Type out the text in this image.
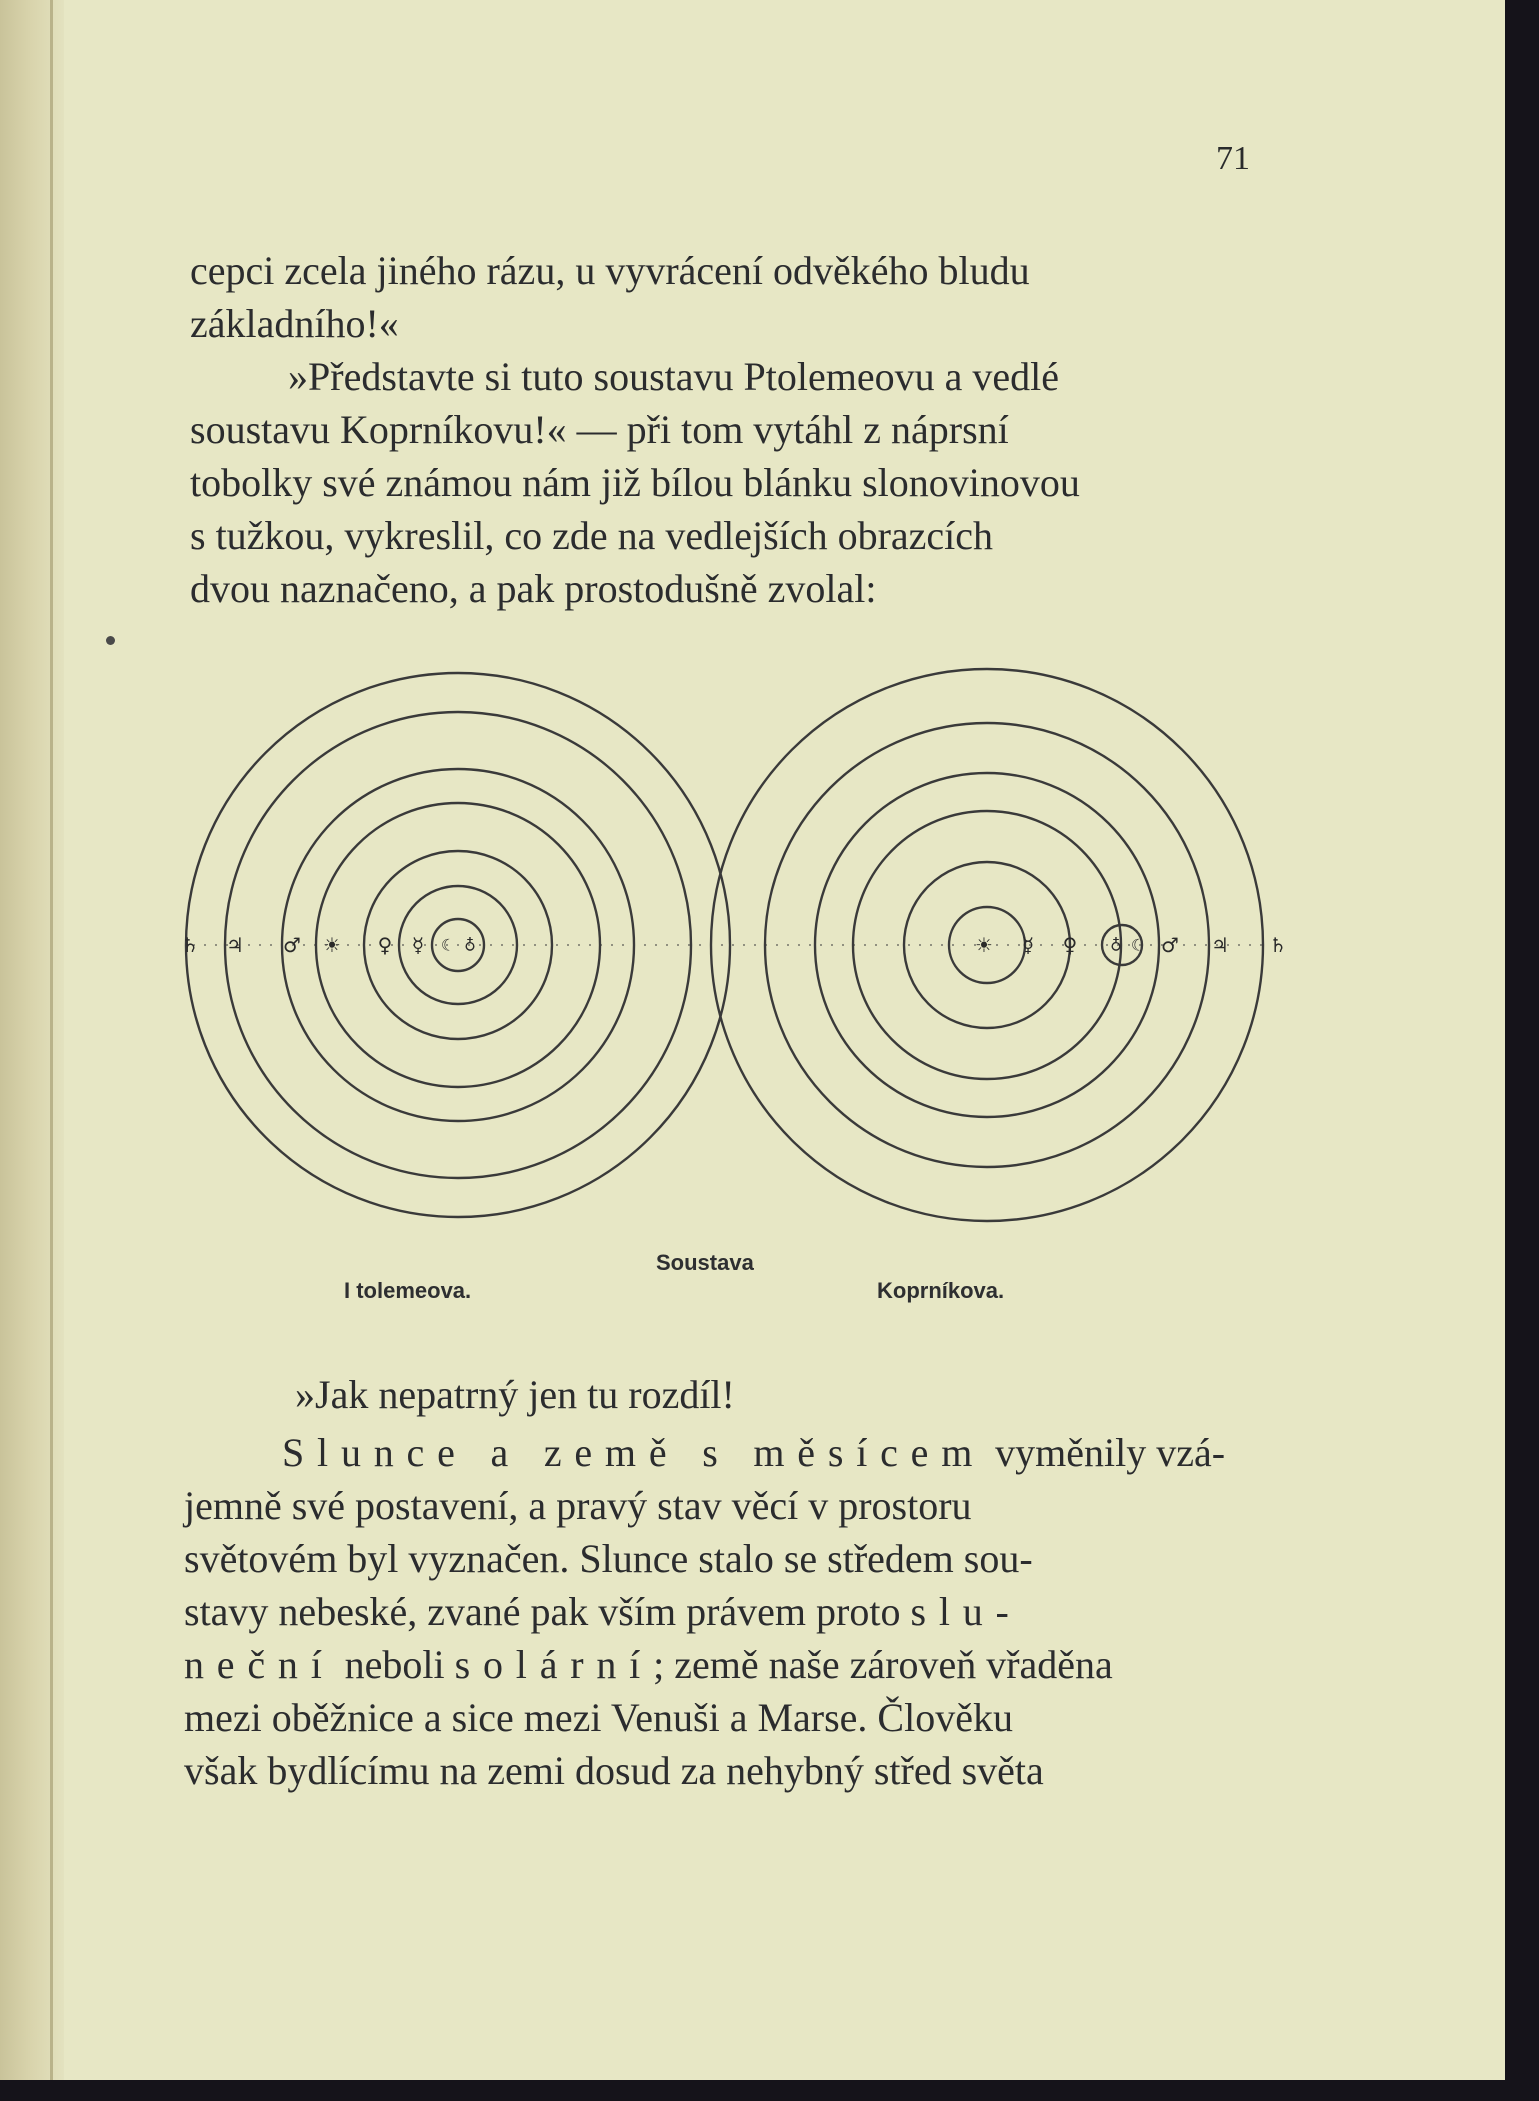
71

cepci zcela jiného rázu, u vyvrácení odvěkého bludu

základního!«

»Představte si tuto soustavu Ptolemeovu a vedlé

soustavu Koprníkovu!« — při tom vytáhl z náprsní

tobolky své známou nám již bílou blánku slonovinovou

s tužkou, vykreslil, co zde na vedlejších obrazcích

dvou naznačeno, a pak prostodušně zvolal:

♄ ♃ ♂ ☀ ♀ ☿ ☾ ♁	☀ ☿ ♀ ♁ ☾ ♂ ♃ ♄
I tolemeova.
Soustava
Koprníkova.

»Jak nepatrný jen tu rozdíl!

Slunce a země s měsícem vyměnily vzá-

jemně své postavení, a pravý stav věcí v prostoru

světovém byl vyznačen. Slunce stalo se středem sou-

stavy nebeské, zvané pak vším právem proto slu-

neční neboli solární; země naše zároveň vřaděna

mezi oběžnice a sice mezi Venuši a Marse. Člověku

však bydlícímu na zemi dosud za nehybný střed světa
